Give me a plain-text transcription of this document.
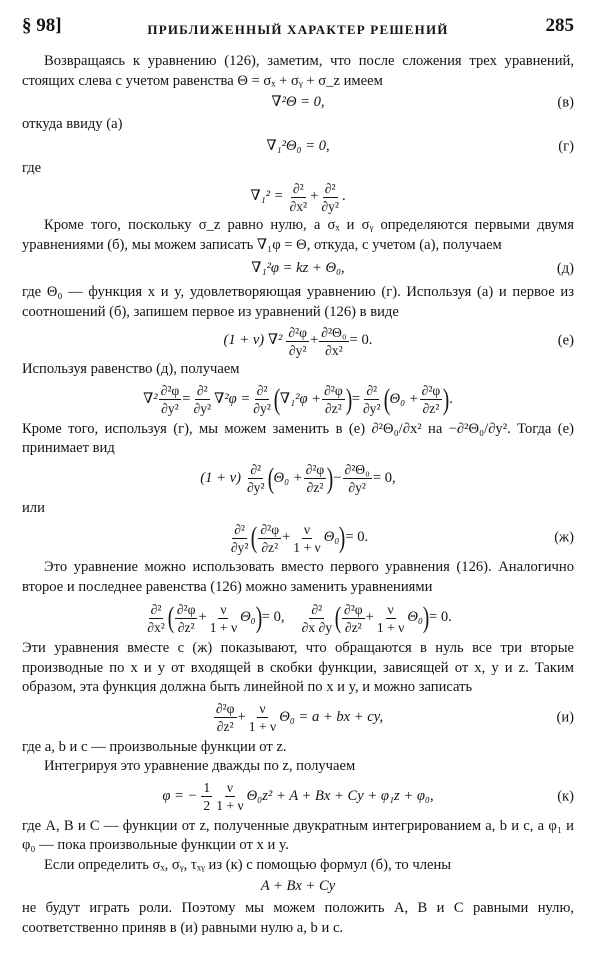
§ 98]	ПРИБЛИЖЕННЫЙ ХАРАКТЕР РЕШЕНИЙ	285

Возвращаясь к уравнению (126), заметим, что после сложения трех уравнений, стоящих слева с учетом равенства Θ = σₓ + σᵧ + σ_z имеем

∇²Θ = 0,	(в)

откуда ввиду (а)

∇₁²Θ₀ = 0,	(г)

где

$\nabla_1^2 = \frac{\text{∂²}}{\text{∂x²}} + \frac{\text{∂²}}{\text{∂y²}}$ .

Кроме того, поскольку σ_z равно нулю, а σₓ и σᵧ определяются первыми двумя уравнениями (б), мы можем записать ∇₁φ = Θ, откуда, с учетом (а), получаем

∇₁²φ = kz + Θ₀,	(д)

где Θ₀ — функция x и y, удовлетворяющая уравнению (г). Используя (а) и первое из соотношений (б), запишем первое из уравнений (126) в виде

(1 + ν) $\nabla^2 \frac{\text{∂²φ}}{\text{∂y²}} + \frac{\text{∂²Θ₀}}{\text{∂x²}} = 0$.	(е)

Используя равенство (д), получаем

$\nabla^2 \frac{\text{∂²φ}}{\text{∂y²}} = \frac{\text{∂²}}{\text{∂y²}} \nabla^2\varphi = \frac{\text{∂²}}{\text{∂y²}}$ ( $\nabla_1^2\varphi + \frac{\text{∂²φ}}{\text{∂z²}}$ ) = $\frac{\text{∂²}}{\text{∂y²}}$ ( $\Theta_0 + \frac{\text{∂²φ}}{\text{∂z²}}$ ) .

Кроме того, используя (г), мы можем заменить в (е) ∂²Θ₀/∂x² на −∂²Θ₀/∂y². Тогда (е) принимает вид

$(1 + \nu) \frac{\text{∂²}}{\text{∂y²}}$ ( $\Theta_0 + \frac{\text{∂²φ}}{\text{∂z²}}$ ) − $\frac{\text{∂²Θ₀}}{\text{∂y²}} = 0$,

или

$\frac{\text{∂²}}{\text{∂y²}}$ ( $\frac{\text{∂²φ}}{\text{∂z²}} + \frac{\nu}{1 + \nu} \Theta_0$ ) = 0.	(ж)

Это уравнение можно использовать вместо первого уравнения (126). Аналогично второе и последнее равенства (126) можно заменить уравнениями

$\frac{\text{∂²}}{\text{∂x²}}$ ( $\frac{\text{∂²φ}}{\text{∂z²}} + \frac{\nu}{1 + \nu} \Theta_0$ ) = 0, $\frac{\text{∂²}}{\partial x \partial y}$ ( $\frac{\text{∂²φ}}{\text{∂z²}} + \frac{\nu}{1 + \nu} \Theta_0$ ) = 0.

Эти уравнения вместе с (ж) показывают, что обращаются в нуль все три вторые производные по x и y от входящей в скобки функции, зависящей от x, y и z. Таким образом, эта функция должна быть линейной по x и y, и можно записать

$\frac{\text{∂²φ}}{\text{∂z²}} + \frac{\nu}{1 + \nu} \Theta_0 = a$ + bx + cy,	(и)

где a, b и c — произвольные функции от z.

Интегрируя это уравнение дважды по z, получаем

φ = − $\frac{1}{2} \frac{\nu}{1 + \nu} \Theta_0z^2 + A + Bx + Cy + \varphi_1z + \varphi_0$,	(к)

где A, B и C — функции от z, полученные двукратным интегрированием a, b и c, а φ₁ и φ₀ — пока произвольные функции от x и y.

Если определить σₓ, σᵧ, τₓᵧ из (к) с помощью формул (б), то члены

A + Bx + Cy

не будут играть роли. Поэтому мы можем положить A, B и C равными нулю, соответственно приняв в (и) равными нулю a, b и c.
